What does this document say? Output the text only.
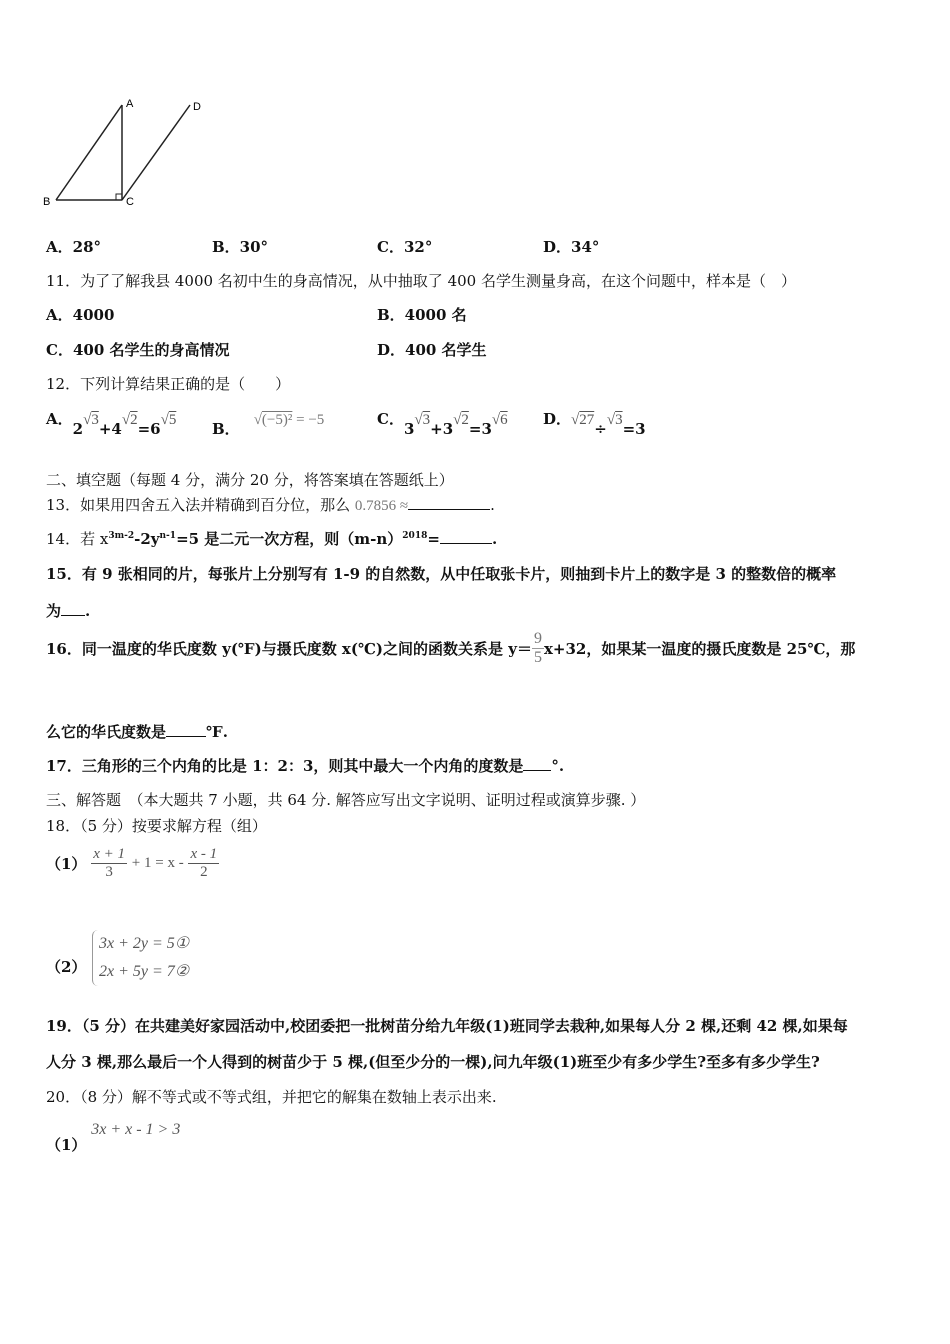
A
B	C
D
A．28°	B．30°	C．32°	D．34°
11．为了了解我县 4000 名初中生的身高情况，从中抽取了 400 名学生测量身高，在这个问题中，样本是（　）
A．4000	B．4000 名
C．400 名学生的身高情况	D．400 名学生
12．下列计算结果正确的是（　　）
A．2√3+4√2=6√5 B． √(−5)² = −5	C．3√3+3√2=3√6 D．√27÷√3=3
二、填空题（每题 4 分，满分 20 分，将答案填在答题纸上）
13．如果用四舍五入法并精确到百分位，那么 0.7856 ≈	.
14．若 $x^{3m-2}-2y^{n-1}=5$ 是二元一次方程，则$(m-n)^{2018}=$	.
15．有 9 张相同的片，每张片上分别写有 1-9 的自然数，从中任取张卡片，则抽到卡片上的数字是 3 的整数倍的概率
为 .
16．同一温度的华氏度数 y(℉)与摄氏度数 x(℃)之间的函数关系是 $y= \frac{9}{5} x+32$，如果某一温度的摄氏度数是 25℃，那
么它的华氏度数是	℉.
17．三角形的三个内角的比是 1：2：3，则其中最大一个内角的度数是 °.
三、解答题　（本大题共 7 小题，共 64 分. 解答应写出文字说明、证明过程或演算步骤. ）
18．（5 分）按要求解方程（组）
$(1) \frac{x + 1}{3} + 1 = x - \frac{x - 1}{2}$
（2）
3x + 2y = 5①
2x + 5y = 7②
19．（5 分）在共建美好家园活动中,校团委把一批树苗分给九年级(1)班同学去栽种,如果每人分 2 棵,还剩 42 棵,如果每
人分 3 棵,那么最后一个人得到的树苗少于 5 棵,(但至少分的一棵),问九年级(1)班至少有多少学生?至多有多少学生?
20．（8 分）解不等式或不等式组，并把它的解集在数轴上表示出来.
（1） 3x + x - 1 > 3
